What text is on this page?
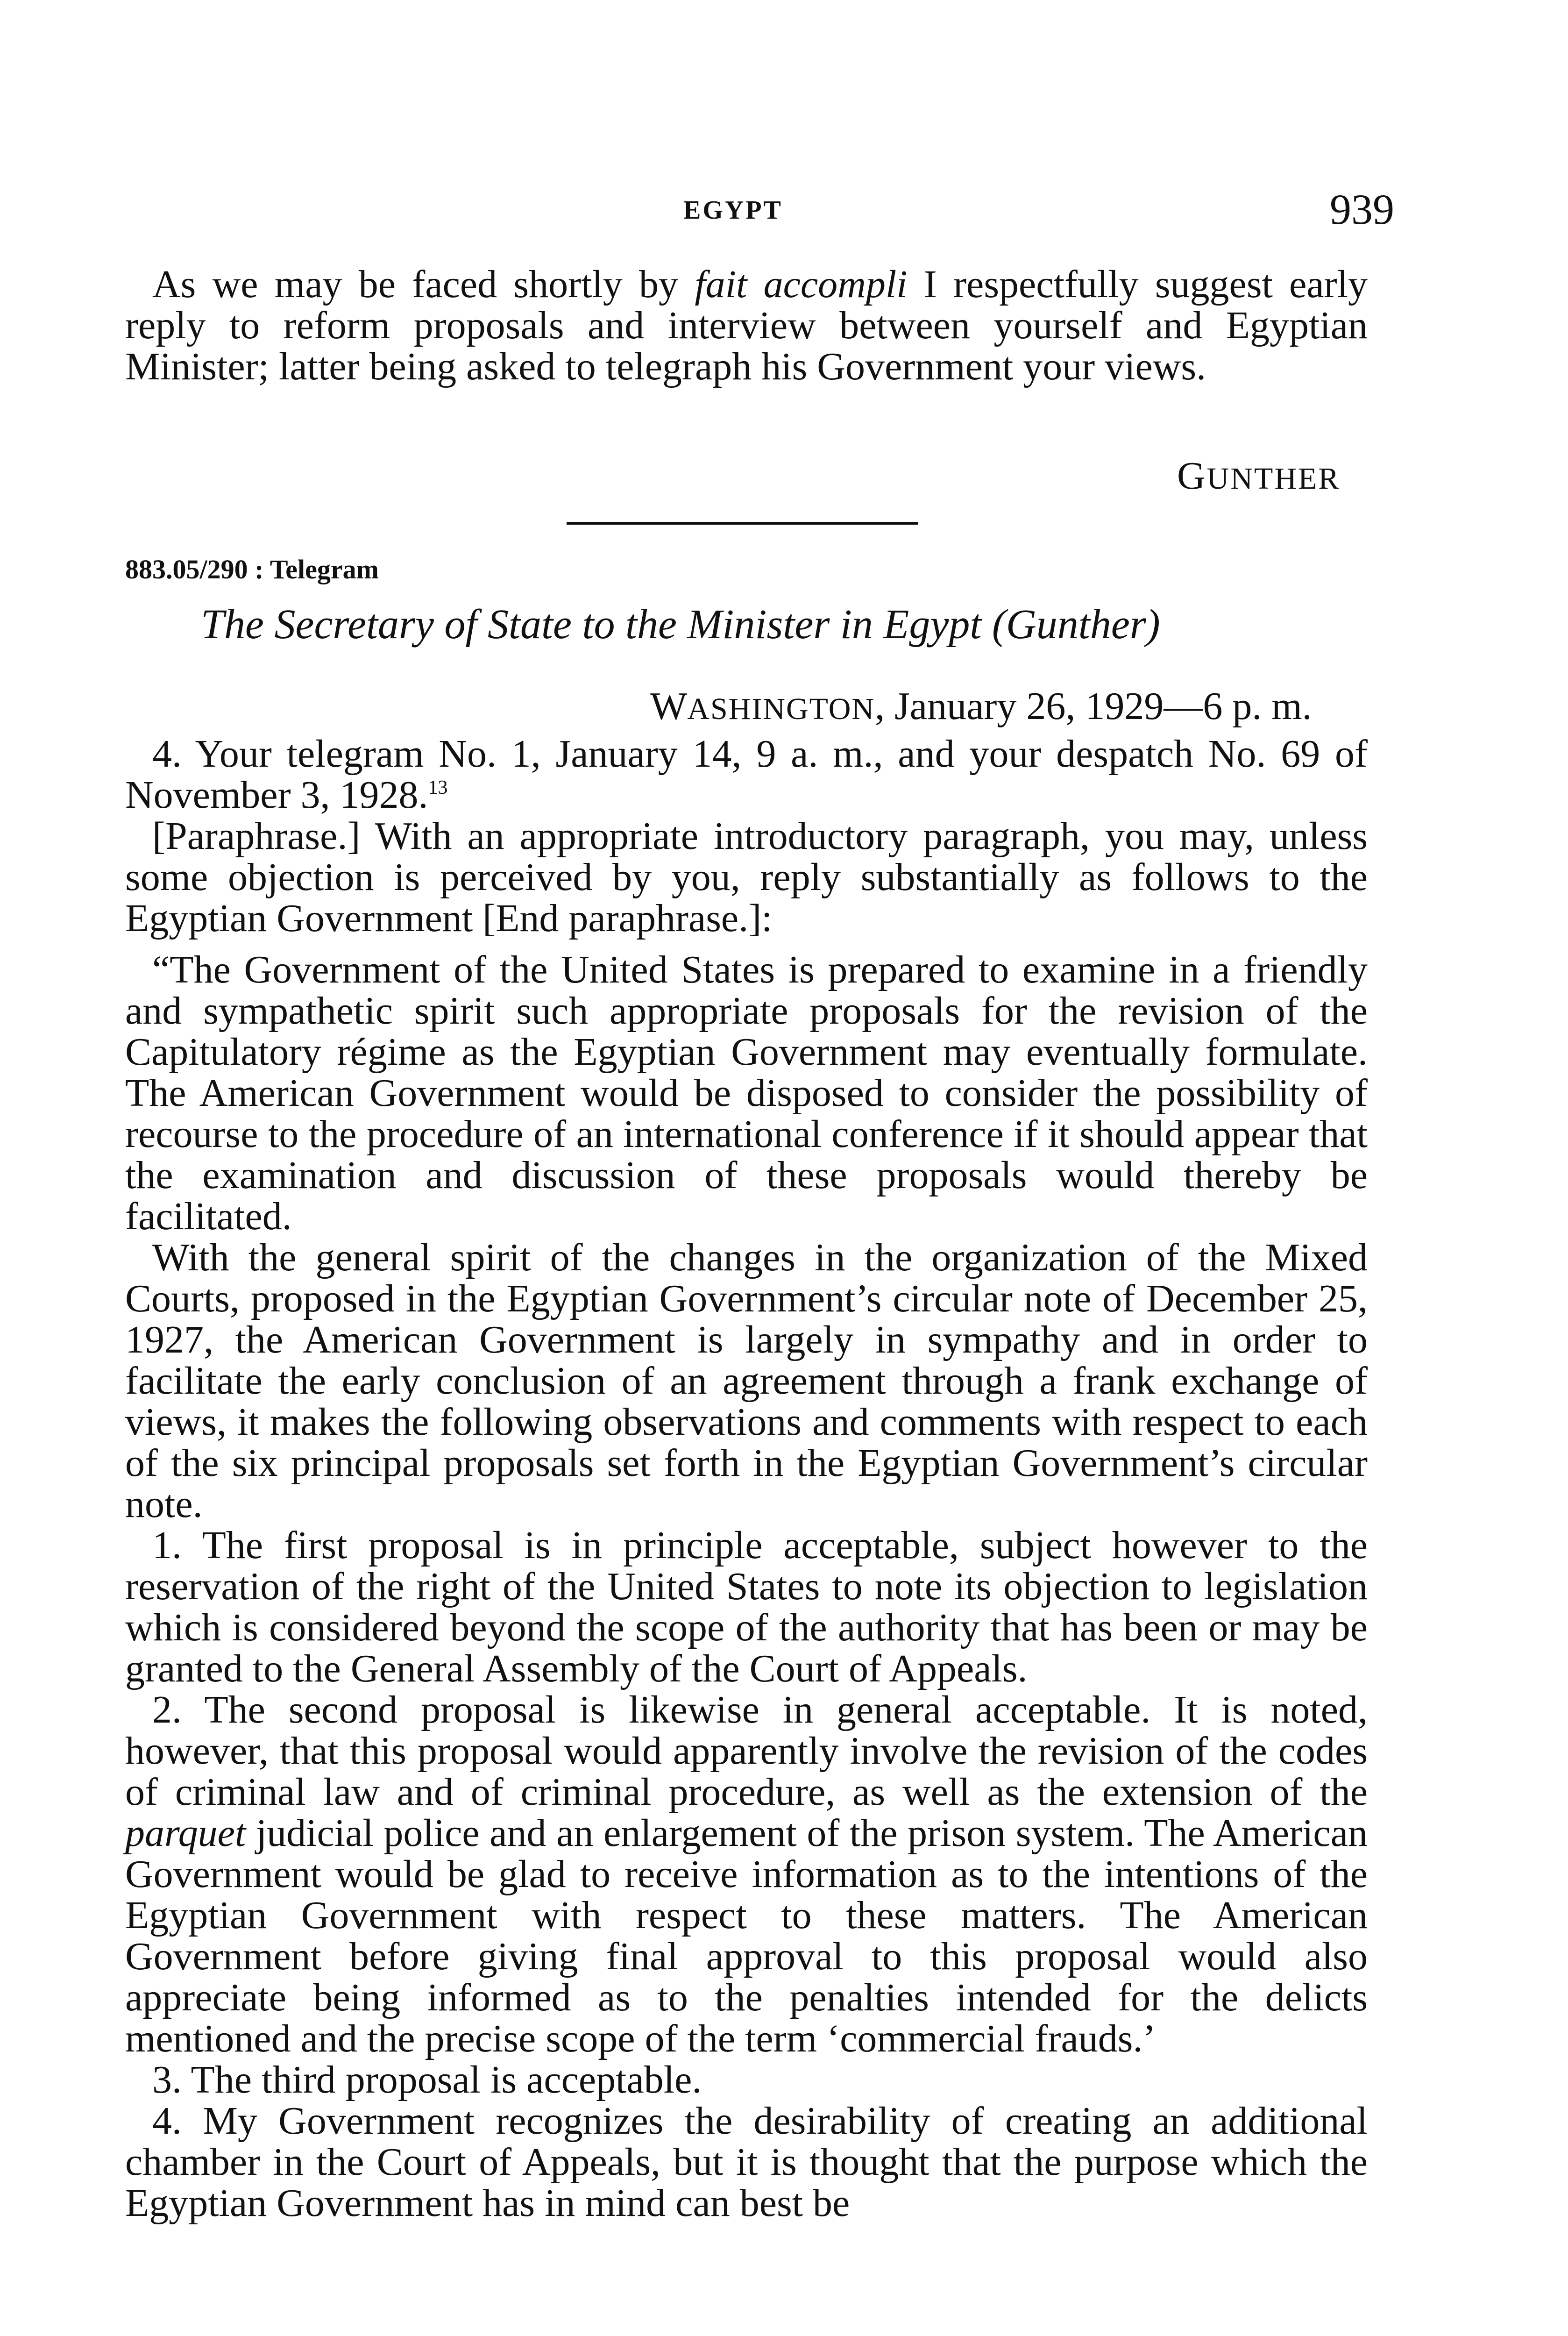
EGYPT	939

As we may be faced shortly by fait accompli I respectfully suggest early reply to reform proposals and interview between yourself and Egyptian Minister; latter being asked to telegraph his Government your views.

GUNTHER
883.05/290 : Telegram
The Secretary of State to the Minister in Egypt (Gunther)
WASHINGTON, January 26, 1929—6 p. m.

4. Your telegram No. 1, January 14, 9 a. m., and your despatch No. 69 of November 3, 1928.13

[Paraphrase.] With an appropriate introductory paragraph, you may, unless some objection is perceived by you, reply substantially as follows to the Egyptian Government [End paraphrase.]:

“The Government of the United States is prepared to examine in a friendly and sympathetic spirit such appropriate proposals for the revision of the Capitulatory régime as the Egyptian Government may eventually formulate. The American Government would be disposed to consider the possibility of recourse to the procedure of an international conference if it should appear that the examination and discussion of these proposals would thereby be facilitated.

With the general spirit of the changes in the organization of the Mixed Courts, proposed in the Egyptian Government’s circular note of December 25, 1927, the American Government is largely in sympathy and in order to facilitate the early conclusion of an agreement through a frank exchange of views, it makes the following observations and comments with respect to each of the six principal proposals set forth in the Egyptian Government’s circular note.

1. The first proposal is in principle acceptable, subject however to the reservation of the right of the United States to note its objection to legislation which is considered beyond the scope of the authority that has been or may be granted to the General Assembly of the Court of Appeals.

2. The second proposal is likewise in general acceptable. It is noted, however, that this proposal would apparently involve the revision of the codes of criminal law and of criminal procedure, as well as the extension of the parquet judicial police and an enlargement of the prison system. The American Government would be glad to receive information as to the intentions of the Egyptian Government with respect to these matters. The American Government before giving final approval to this proposal would also appreciate being informed as to the penalties intended for the delicts mentioned and the precise scope of the term ‘commercial frauds.’

3. The third proposal is acceptable.

4. My Government recognizes the desirability of creating an additional chamber in the Court of Appeals, but it is thought that the purpose which the Egyptian Government has in mind can best be
